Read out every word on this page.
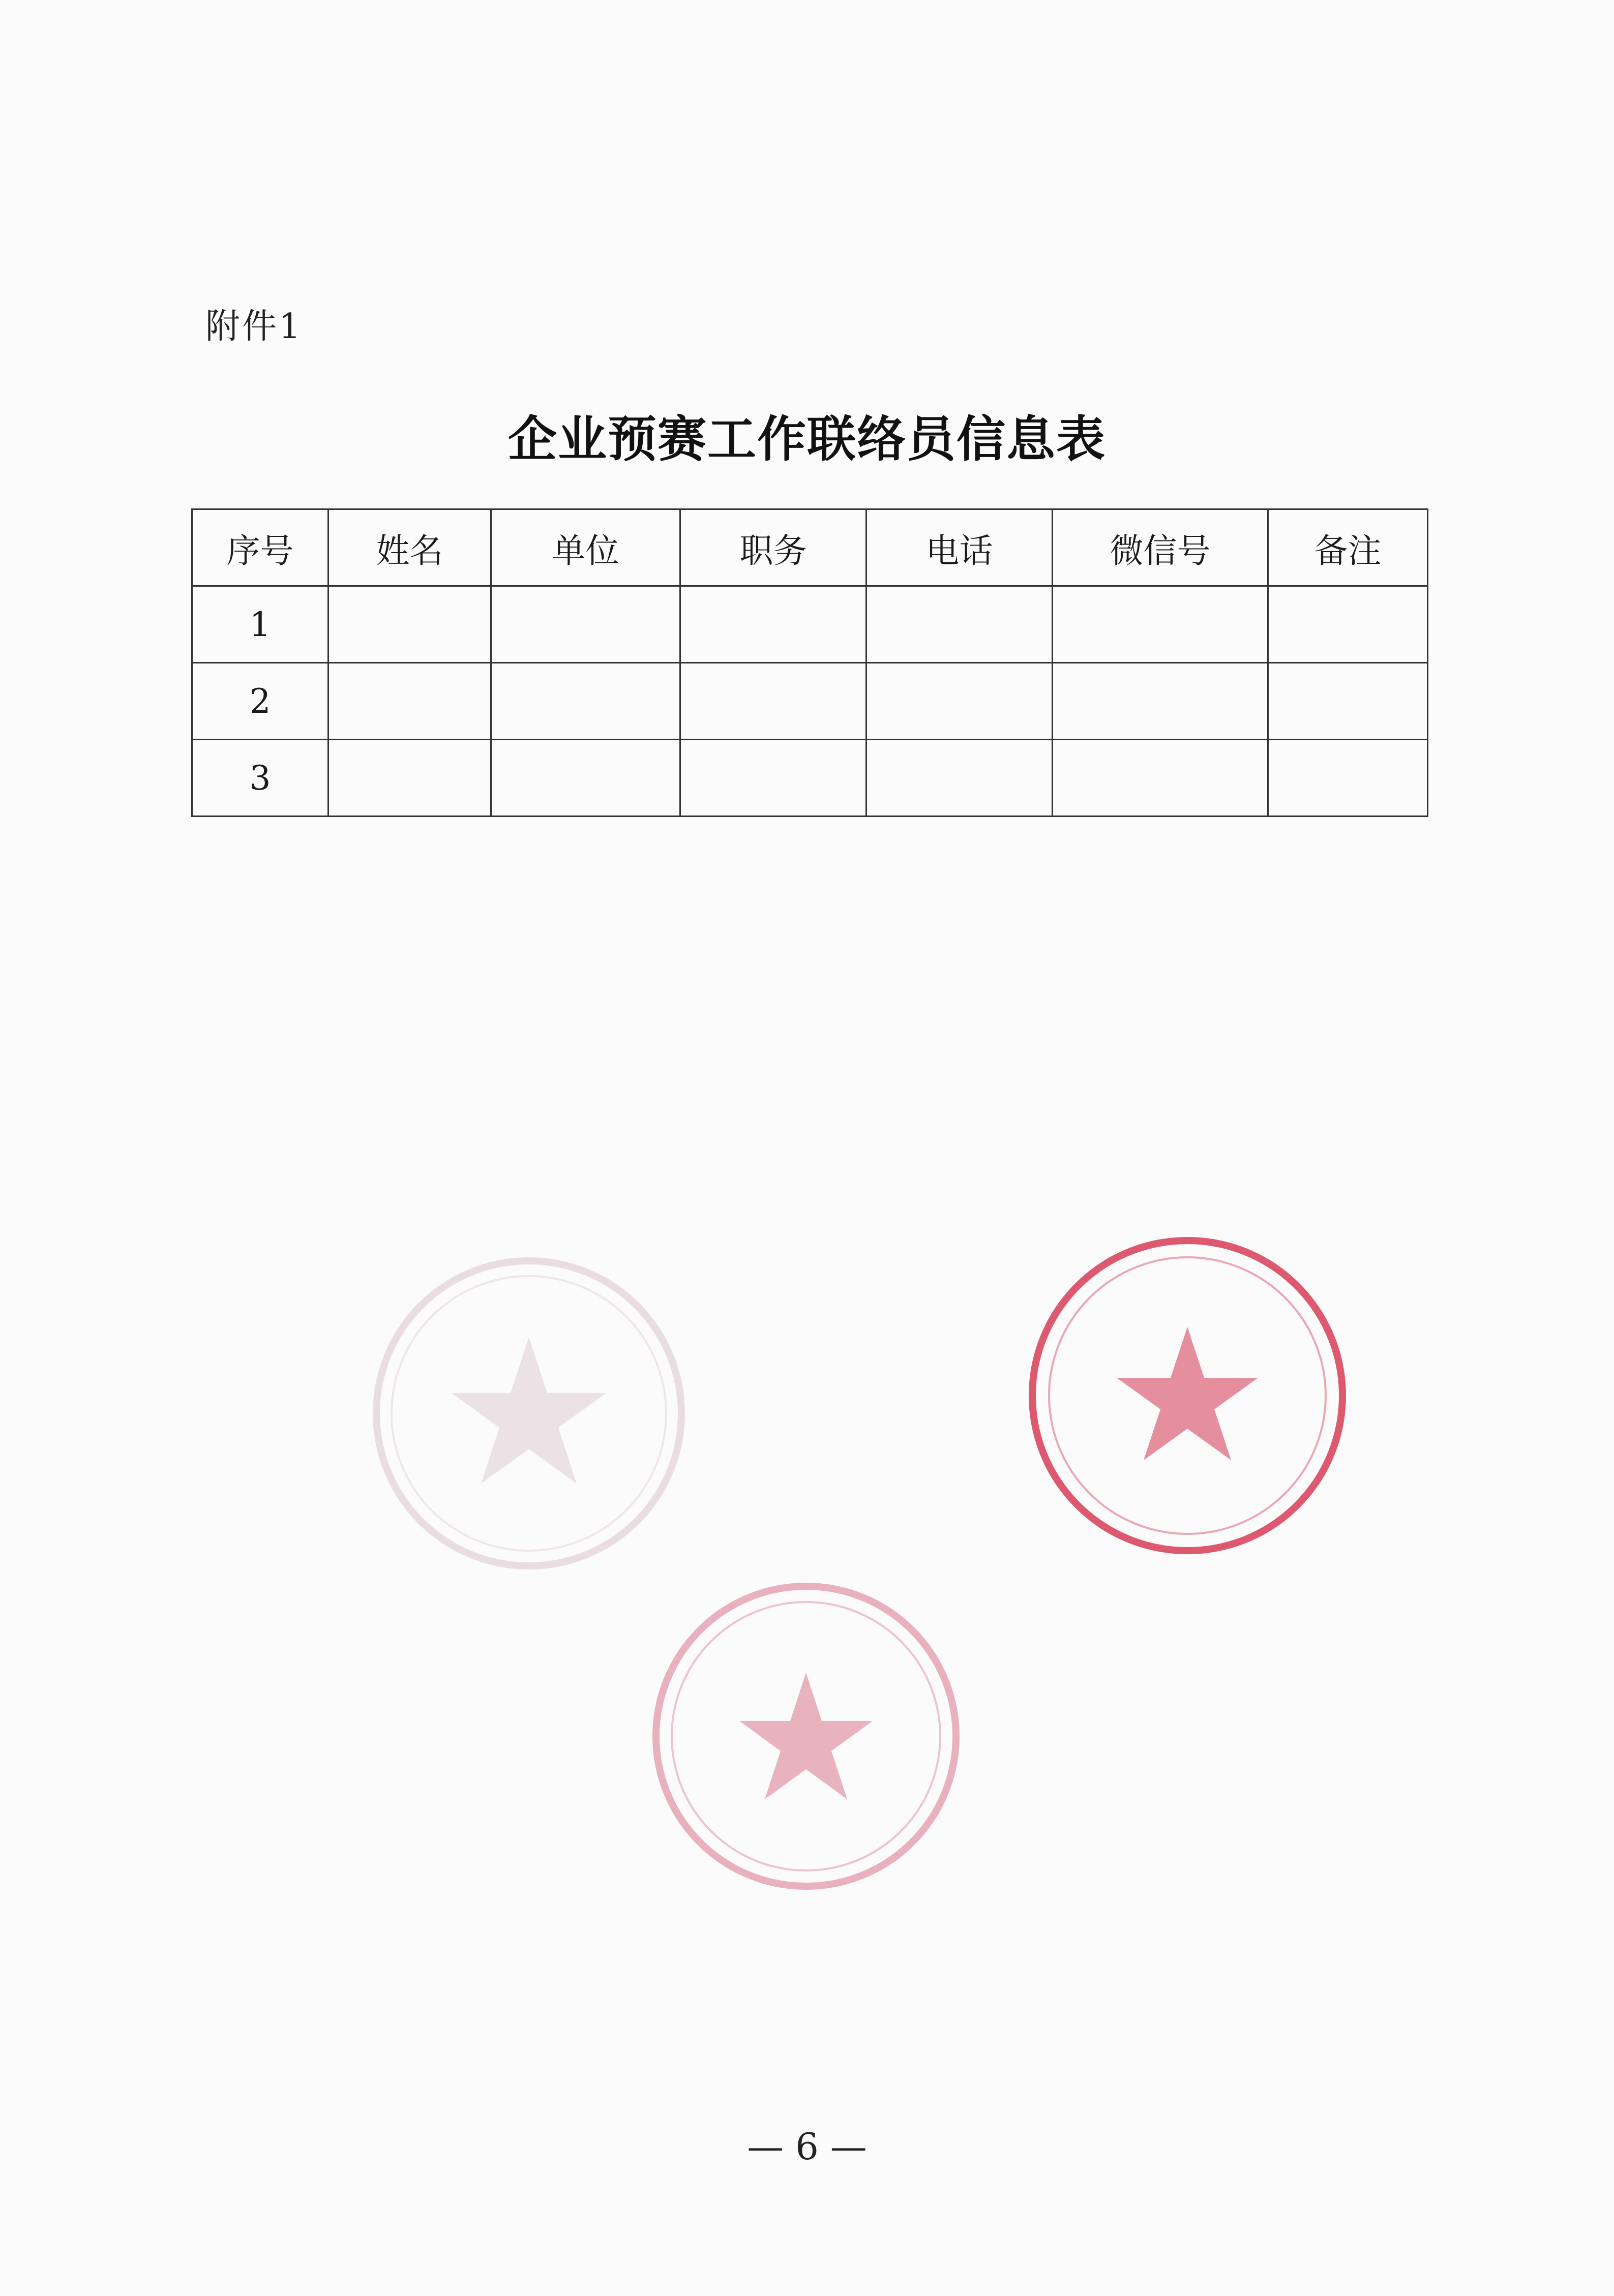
附件1
企业预赛工作联络员信息表
序号	姓名	单位	职务	电话	微信号	备注
1						
2						
3						
— 6 —
